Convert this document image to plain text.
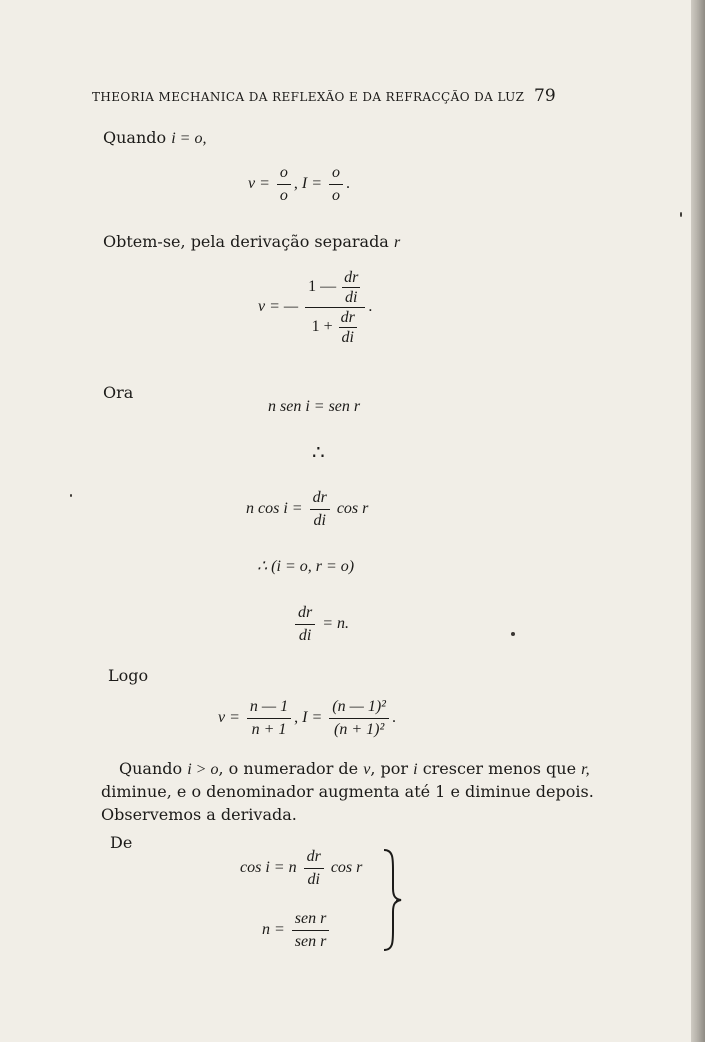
THEORIA MECHANICA DA REFLEXÃO E DA REFRACÇÃO DA LUZ 79
Quando i = o,
$v = \frac{o}{o}$ , $I = \frac{o}{o}$ .
Obtem-se, pela derivação separada r
v = — $\frac{1 — \frac{dr}{di}}{1 + \frac{dr}{di}}$ .
Ora
n sen i = sen r
∴
n $\cos i = \frac{dr}{di}$ cos r
∴ (i = o, r = o)
$\frac{dr}{di} = n$.
Logo
$v = \frac{n — 1}{n + 1}$ , $I = \frac{\text{(n — 1)²}}{\text{(n + 1)²}}$ .
Quando i > o, o numerador de v, por i crescer menos que r,
diminue, e o denominador augmenta até 1 e diminue depois.
Observemos a derivada.
De
cos i = n $\frac{dr}{di}$ cos r
$n = \frac{\text{sen r}}{\text{sen r}}$
,
